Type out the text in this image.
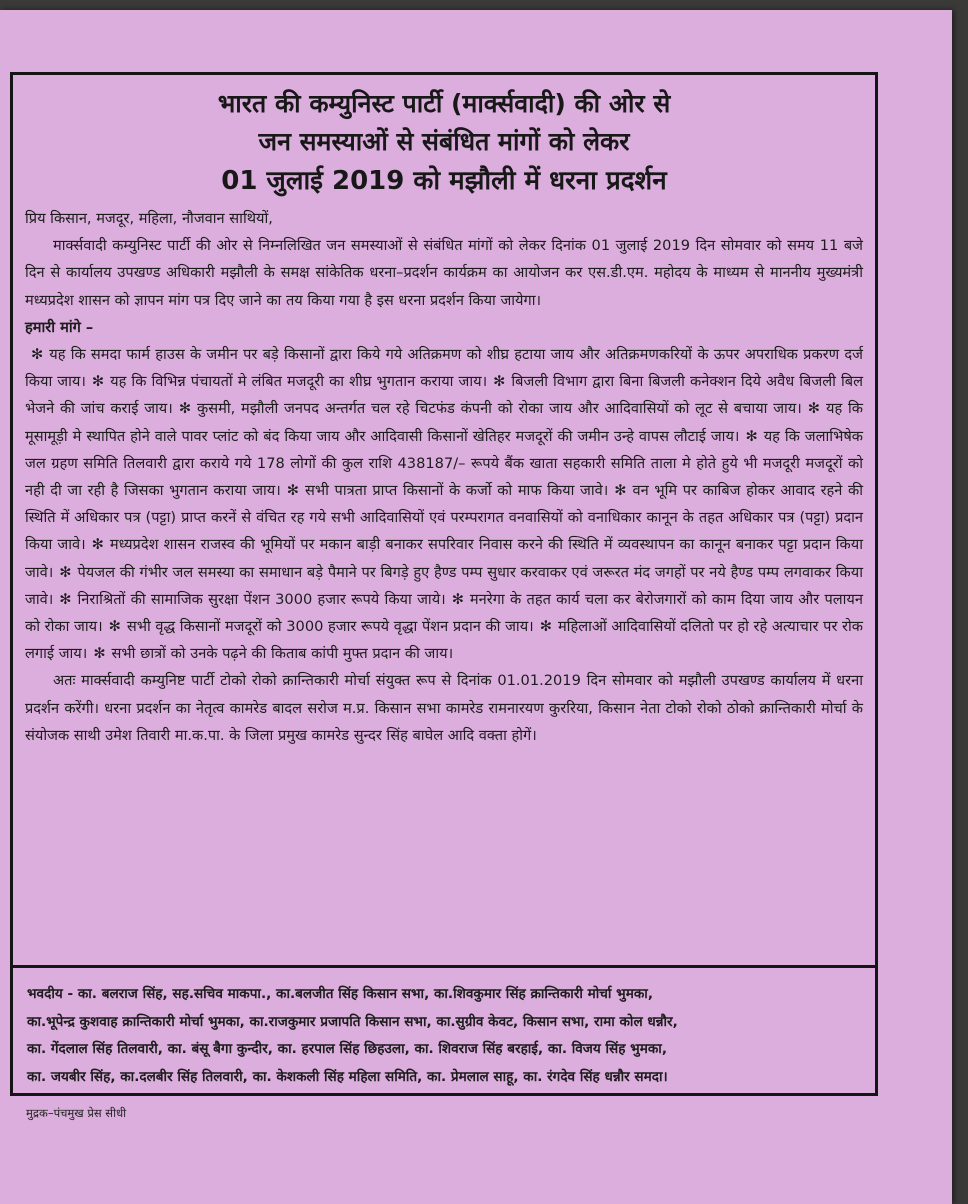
भारत की कम्युनिस्ट पार्टी (मार्क्सवादी) की ओर से
जन समस्याओं से संबंधित मांगों को लेकर
01 जुलाई 2019 को मझौली में धरना प्रदर्शन

प्रिय किसान, मजदूर, महिला, नौजवान साथियों,

मार्क्सवादी कम्युनिस्ट पार्टी की ओर से निम्नलिखित जन समस्याओं से संबंधित मांगों को लेकर दिनांक 01 जुलाई 2019 दिन सोमवार को समय 11 बजे दिन से कार्यालय उपखण्ड अधिकारी मझौली के समक्ष सांकेतिक धरना–प्रदर्शन कार्यक्रम का आयोजन कर एस.डी.एम. महोदय के माध्यम से माननीय मुख्यमंत्री मध्यप्रदेश शासन को ज्ञापन मांग पत्र दिए जाने का तय किया गया है इस धरना प्रदर्शन किया जायेगा।

हमारी मांगे –

✻ यह कि समदा फार्म हाउस के जमीन पर बड़े किसानों द्वारा किये गये अतिक्रमण को शीघ्र हटाया जाय और अतिक्रमणकरियों के ऊपर अपराधिक प्रकरण दर्ज किया जाय। ✻ यह कि विभिन्न पंचायतों मे लंबित मजदूरी का शीघ्र भुगतान कराया जाय। ✻ बिजली विभाग द्वारा बिना बिजली कनेक्शन दिये अवैध बिजली बिल भेजने की जांच कराई जाय। ✻ कुसमी, मझौली जनपद अन्तर्गत चल रहे चिटफंड कंपनी को रोका जाय और आदिवासियों को लूट से बचाया जाय। ✻ यह कि मूसामूड़ी मे स्थापित होने वाले पावर प्लांट को बंद किया जाय और आदिवासी किसानों खेतिहर मजदूरों की जमीन उन्हे वापस लौटाई जाय। ✻ यह कि जलाभिषेक जल ग्रहण समिति तिलवारी द्वारा कराये गये 178 लोगों की कुल राशि 438187/– रूपये बैंक खाता सहकारी समिति ताला मे होते हुये भी मजदूरी मजदूरों को नही दी जा रही है जिसका भुगतान कराया जाय। ✻ सभी पात्रता प्राप्त किसानों के कर्जो को माफ किया जावे। ✻ वन भूमि पर काबिज होकर आवाद रहने की स्थिति में अधिकार पत्र (पट्टा) प्राप्त करनें से वंचित रह गये सभी आदिवासियों एवं परम्परागत वनवासियों को वनाधिकार कानून के तहत अधिकार पत्र (पट्टा) प्रदान किया जावे। ✻ मध्यप्रदेश शासन राजस्व की भूमियों पर मकान बाड़ी बनाकर सपरिवार निवास करने की स्थिति में व्यवस्थापन का कानून बनाकर पट्टा प्रदान किया जावे। ✻ पेयजल की गंभीर जल समस्या का समाधान बड़े पैमाने पर बिगड़े हुए हैण्ड पम्प सुधार करवाकर एवं जरूरत मंद जगहों पर नये हैण्ड पम्प लगवाकर किया जावे। ✻ निराश्रितों की सामाजिक सुरक्षा पेंशन 3000 हजार रूपये किया जाये। ✻ मनरेगा के तहत कार्य चला कर बेरोजगारों को काम दिया जाय और पलायन को रोका जाय। ✻ सभी वृद्ध किसानों मजदूरों को 3000 हजार रूपये वृद्धा पेंशन प्रदान की जाय। ✻ महिलाओं आदिवासियों दलितो पर हो रहे अत्याचार पर रोक लगाई जाय। ✻ सभी छात्रों को उनके पढ़ने की किताब कांपी मुफ्त प्रदान की जाय।

अतः मार्क्सवादी कम्युनिष्ट पार्टी टोको रोको क्रान्तिकारी मोर्चा संयुक्त रूप से दिनांक 01.01.2019 दिन सोमवार को मझौली उपखण्ड कार्यालय में धरना प्रदर्शन करेंगी। धरना प्रदर्शन का नेतृत्व कामरेड बादल सरोज म.प्र. किसान सभा कामरेड रामनारयण कुररिया, किसान नेता टोको रोको ठोको क्रान्तिकारी मोर्चा के संयोजक साथी उमेश तिवारी मा.क.पा. के जिला प्रमुख कामरेड सुन्दर सिंह बाघेल आदि वक्ता होगें।

भवदीय - का. बलराज सिंह, सह.सचिव माकपा., का.बलजीत सिंह किसान सभा, का.शिवकुमार सिंह क्रान्तिकारी मोर्चा भुमका,
का.भूपेन्द्र कुशवाह क्रान्तिकारी मोर्चा भुमका, का.राजकुमार प्रजापति किसान सभा, का.सुग्रीव केवट, किसान सभा, रामा कोल धन्नौर,
का. गेंदलाल सिंह तिलवारी, का. बंसू बैगा कुन्दीर, का. हरपाल सिंह छिहउला, का. शिवराज सिंह बरहाई, का. विजय सिंह भुमका,
का. जयबीर सिंह, का.दलबीर सिंह तिलवारी, का. केशकली सिंह महिला समिति, का. प्रेमलाल साहू, का. रंगदेव सिंह धन्नौर समदा।
मुद्रक–पंचमुख प्रेस सीधी
